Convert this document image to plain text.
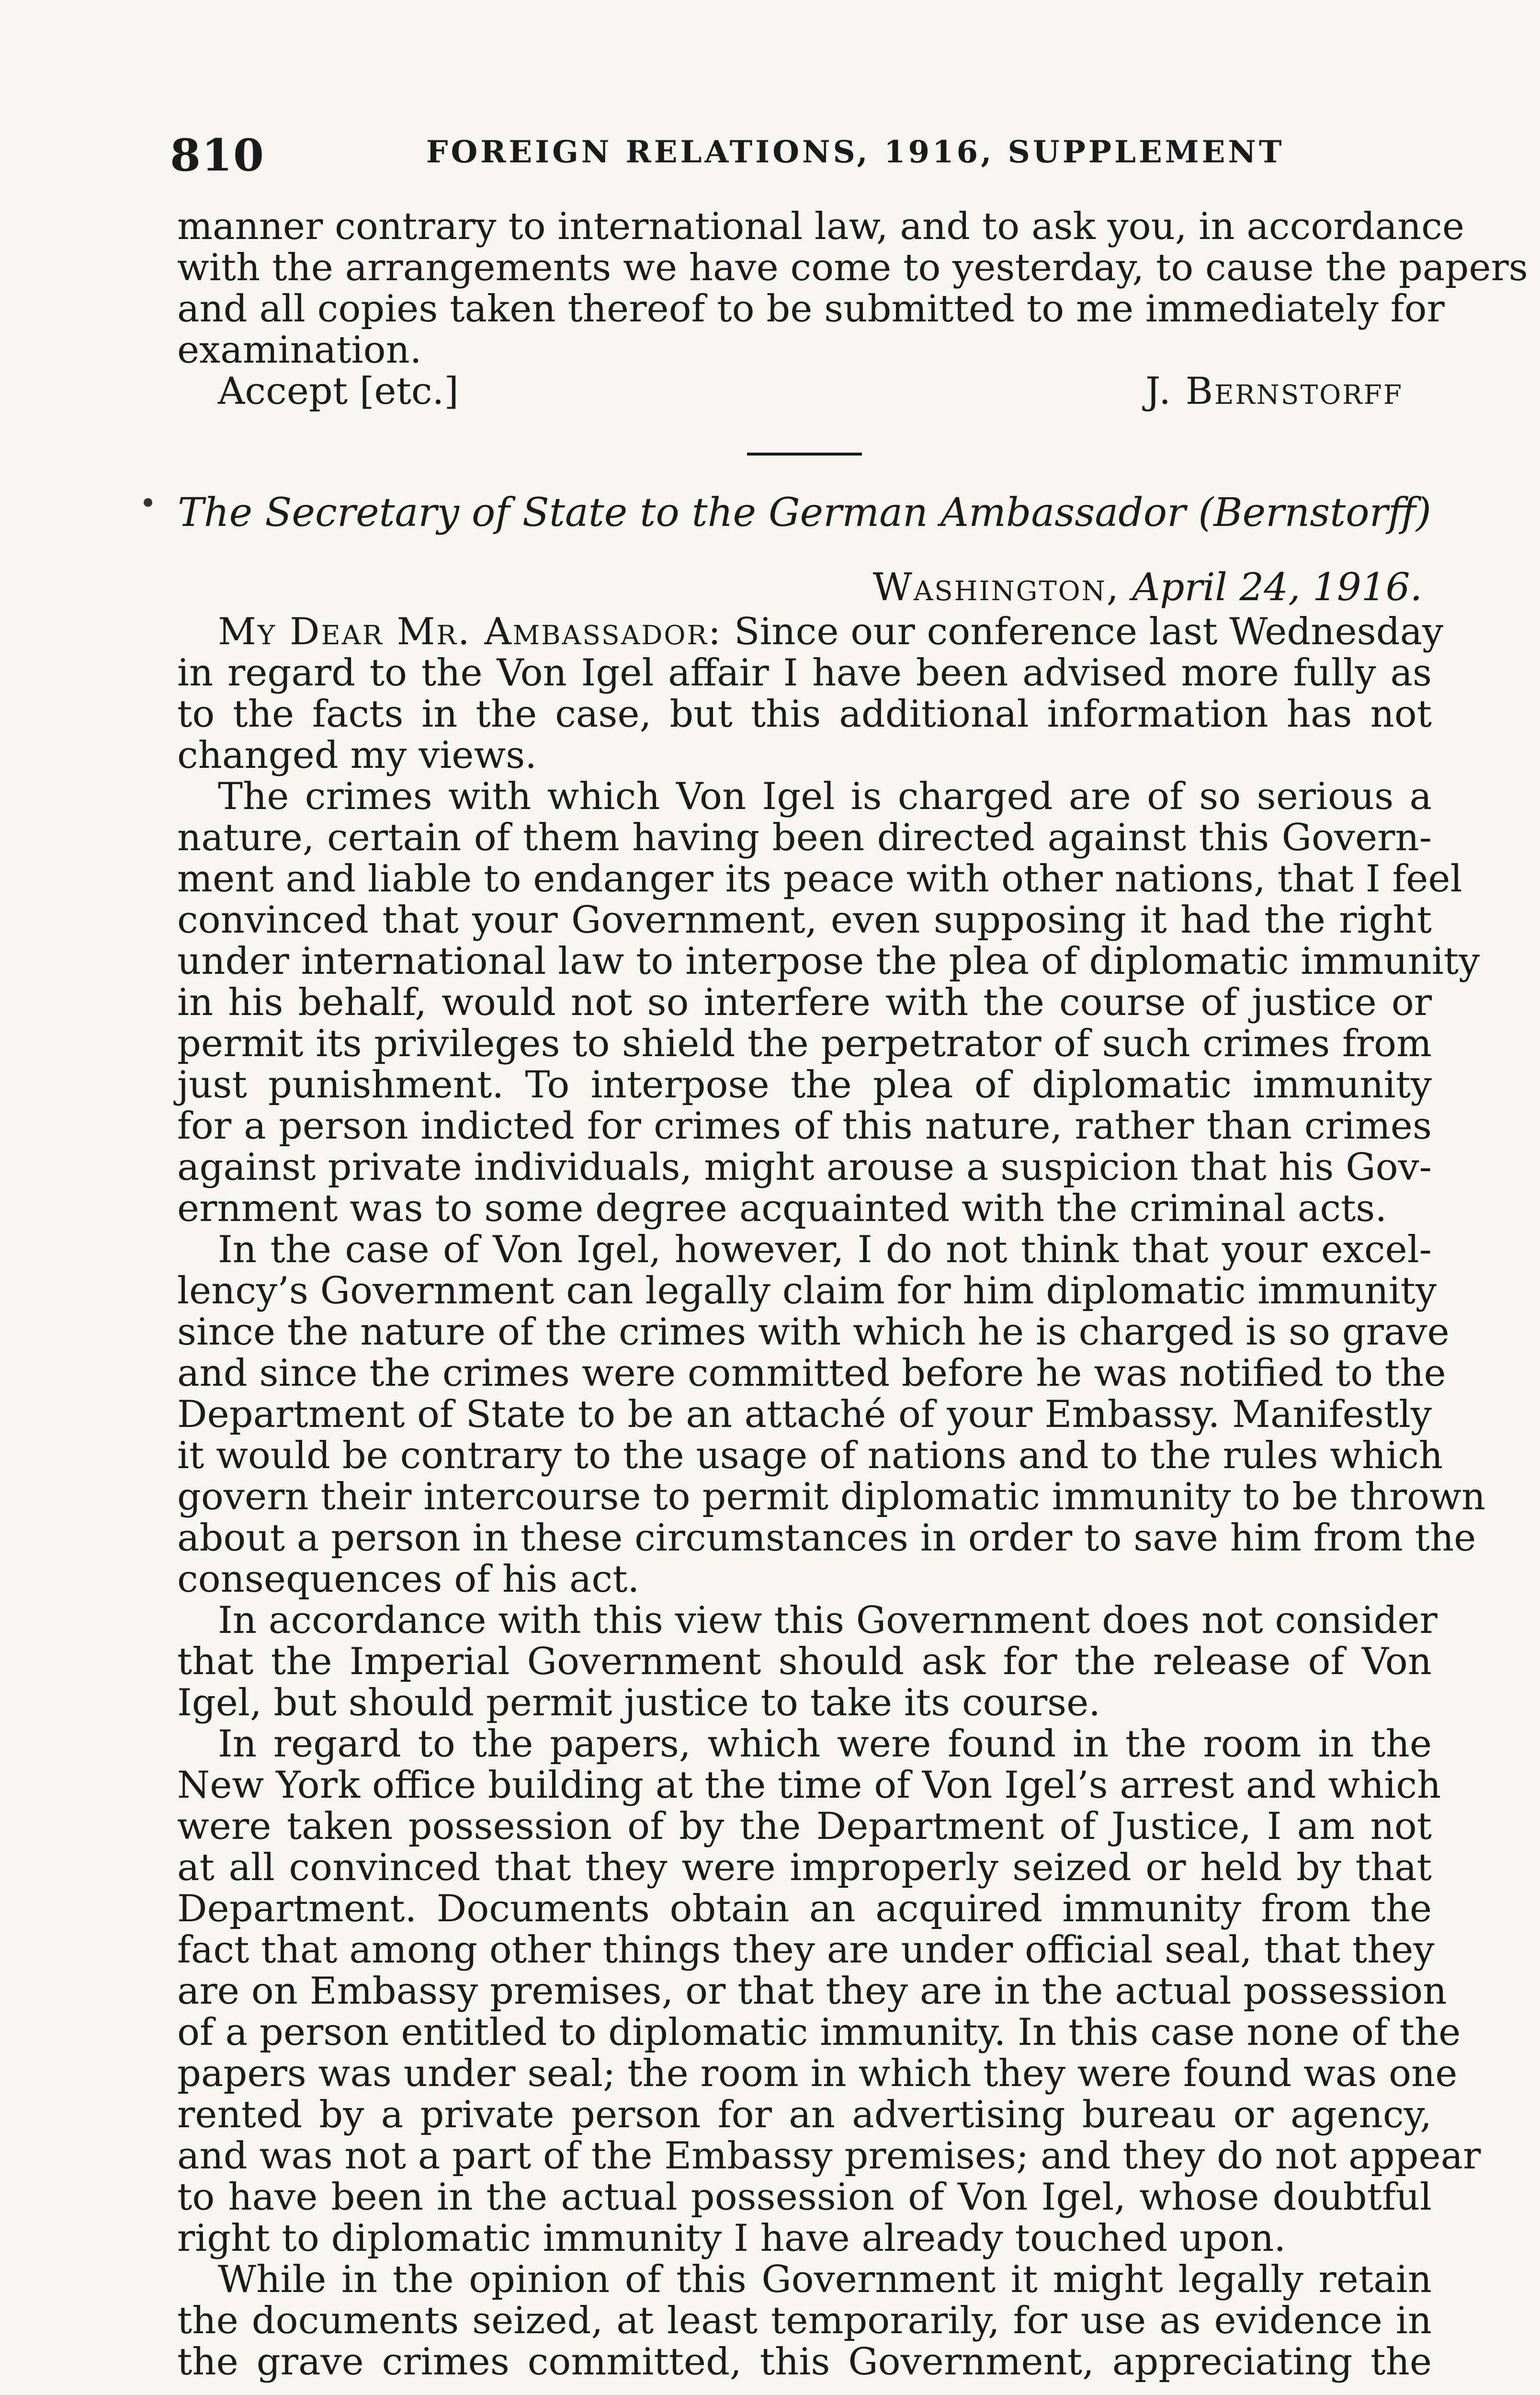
810	FOREIGN RELATIONS, 1916, SUPPLEMENT
manner contrary to international law, and to ask you, in accordance
with the arrangements we have come to yesterday, to cause the papers
and all copies taken thereof to be submitted to me immediately for
examination.
Accept [etc.]	J. Bernstorff
The Secretary of State to the German Ambassador (Bernstorff)
Washington, April 24, 1916.
My Dear Mr. Ambassador: Since our conference last Wednesday
in regard to the Von Igel affair I have been advised more fully as
to the facts in the case, but this additional information has not
changed my views.
The crimes with which Von Igel is charged are of so serious a
nature, certain of them having been directed against this Govern-
ment and liable to endanger its peace with other nations, that I feel
convinced that your Government, even supposing it had the right
under international law to interpose the plea of diplomatic immunity
in his behalf, would not so interfere with the course of justice or
permit its privileges to shield the perpetrator of such crimes from
just punishment. To interpose the plea of diplomatic immunity
for a person indicted for crimes of this nature, rather than crimes
against private individuals, might arouse a suspicion that his Gov-
ernment was to some degree acquainted with the criminal acts.
In the case of Von Igel, however, I do not think that your excel-
lency’s Government can legally claim for him diplomatic immunity
since the nature of the crimes with which he is charged is so grave
and since the crimes were committed before he was notified to the
Department of State to be an attaché of your Embassy. Manifestly
it would be contrary to the usage of nations and to the rules which
govern their intercourse to permit diplomatic immunity to be thrown
about a person in these circumstances in order to save him from the
consequences of his act.
In accordance with this view this Government does not consider
that the Imperial Government should ask for the release of Von
Igel, but should permit justice to take its course.
In regard to the papers, which were found in the room in the
New York office building at the time of Von Igel’s arrest and which
were taken possession of by the Department of Justice, I am not
at all convinced that they were improperly seized or held by that
Department. Documents obtain an acquired immunity from the
fact that among other things they are under official seal, that they
are on Embassy premises, or that they are in the actual possession
of a person entitled to diplomatic immunity. In this case none of the
papers was under seal; the room in which they were found was one
rented by a private person for an advertising bureau or agency,
and was not a part of the Embassy premises; and they do not appear
to have been in the actual possession of Von Igel, whose doubtful
right to diplomatic immunity I have already touched upon.
While in the opinion of this Government it might legally retain
the documents seized, at least temporarily, for use as evidence in
the grave crimes committed, this Government, appreciating the
